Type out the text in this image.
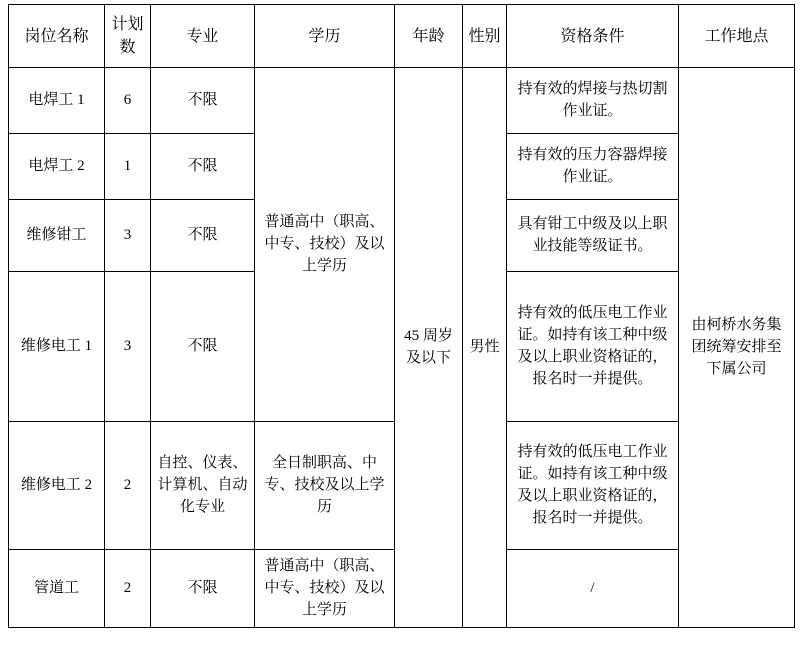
岗位名称	计划数	专业	学历	年龄	性别	资格条件	工作地点
电焊工 1	6	不限	普通高中（职高、中专、技校）及以上学历	45 周岁及以下	男性	持有效的焊接与热切割作业证。	由柯桥水务集团统筹安排至下属公司
电焊工 2	1	不限				持有效的压力容器焊接作业证。	
维修钳工	3	不限				具有钳工中级及以上职业技能等级证书。	
维修电工 1	3	不限				持有效的低压电工作业证。如持有该工种中级及以上职业资格证的，报名时一并提供。	
维修电工 2	2	自控、仪表、计算机、自动化专业	全日制职高、中专、技校及以上学历			持有效的低压电工作业证。如持有该工种中级及以上职业资格证的，报名时一并提供。	
管道工	2	不限	普通高中（职高、中专、技校）及以上学历			/	
